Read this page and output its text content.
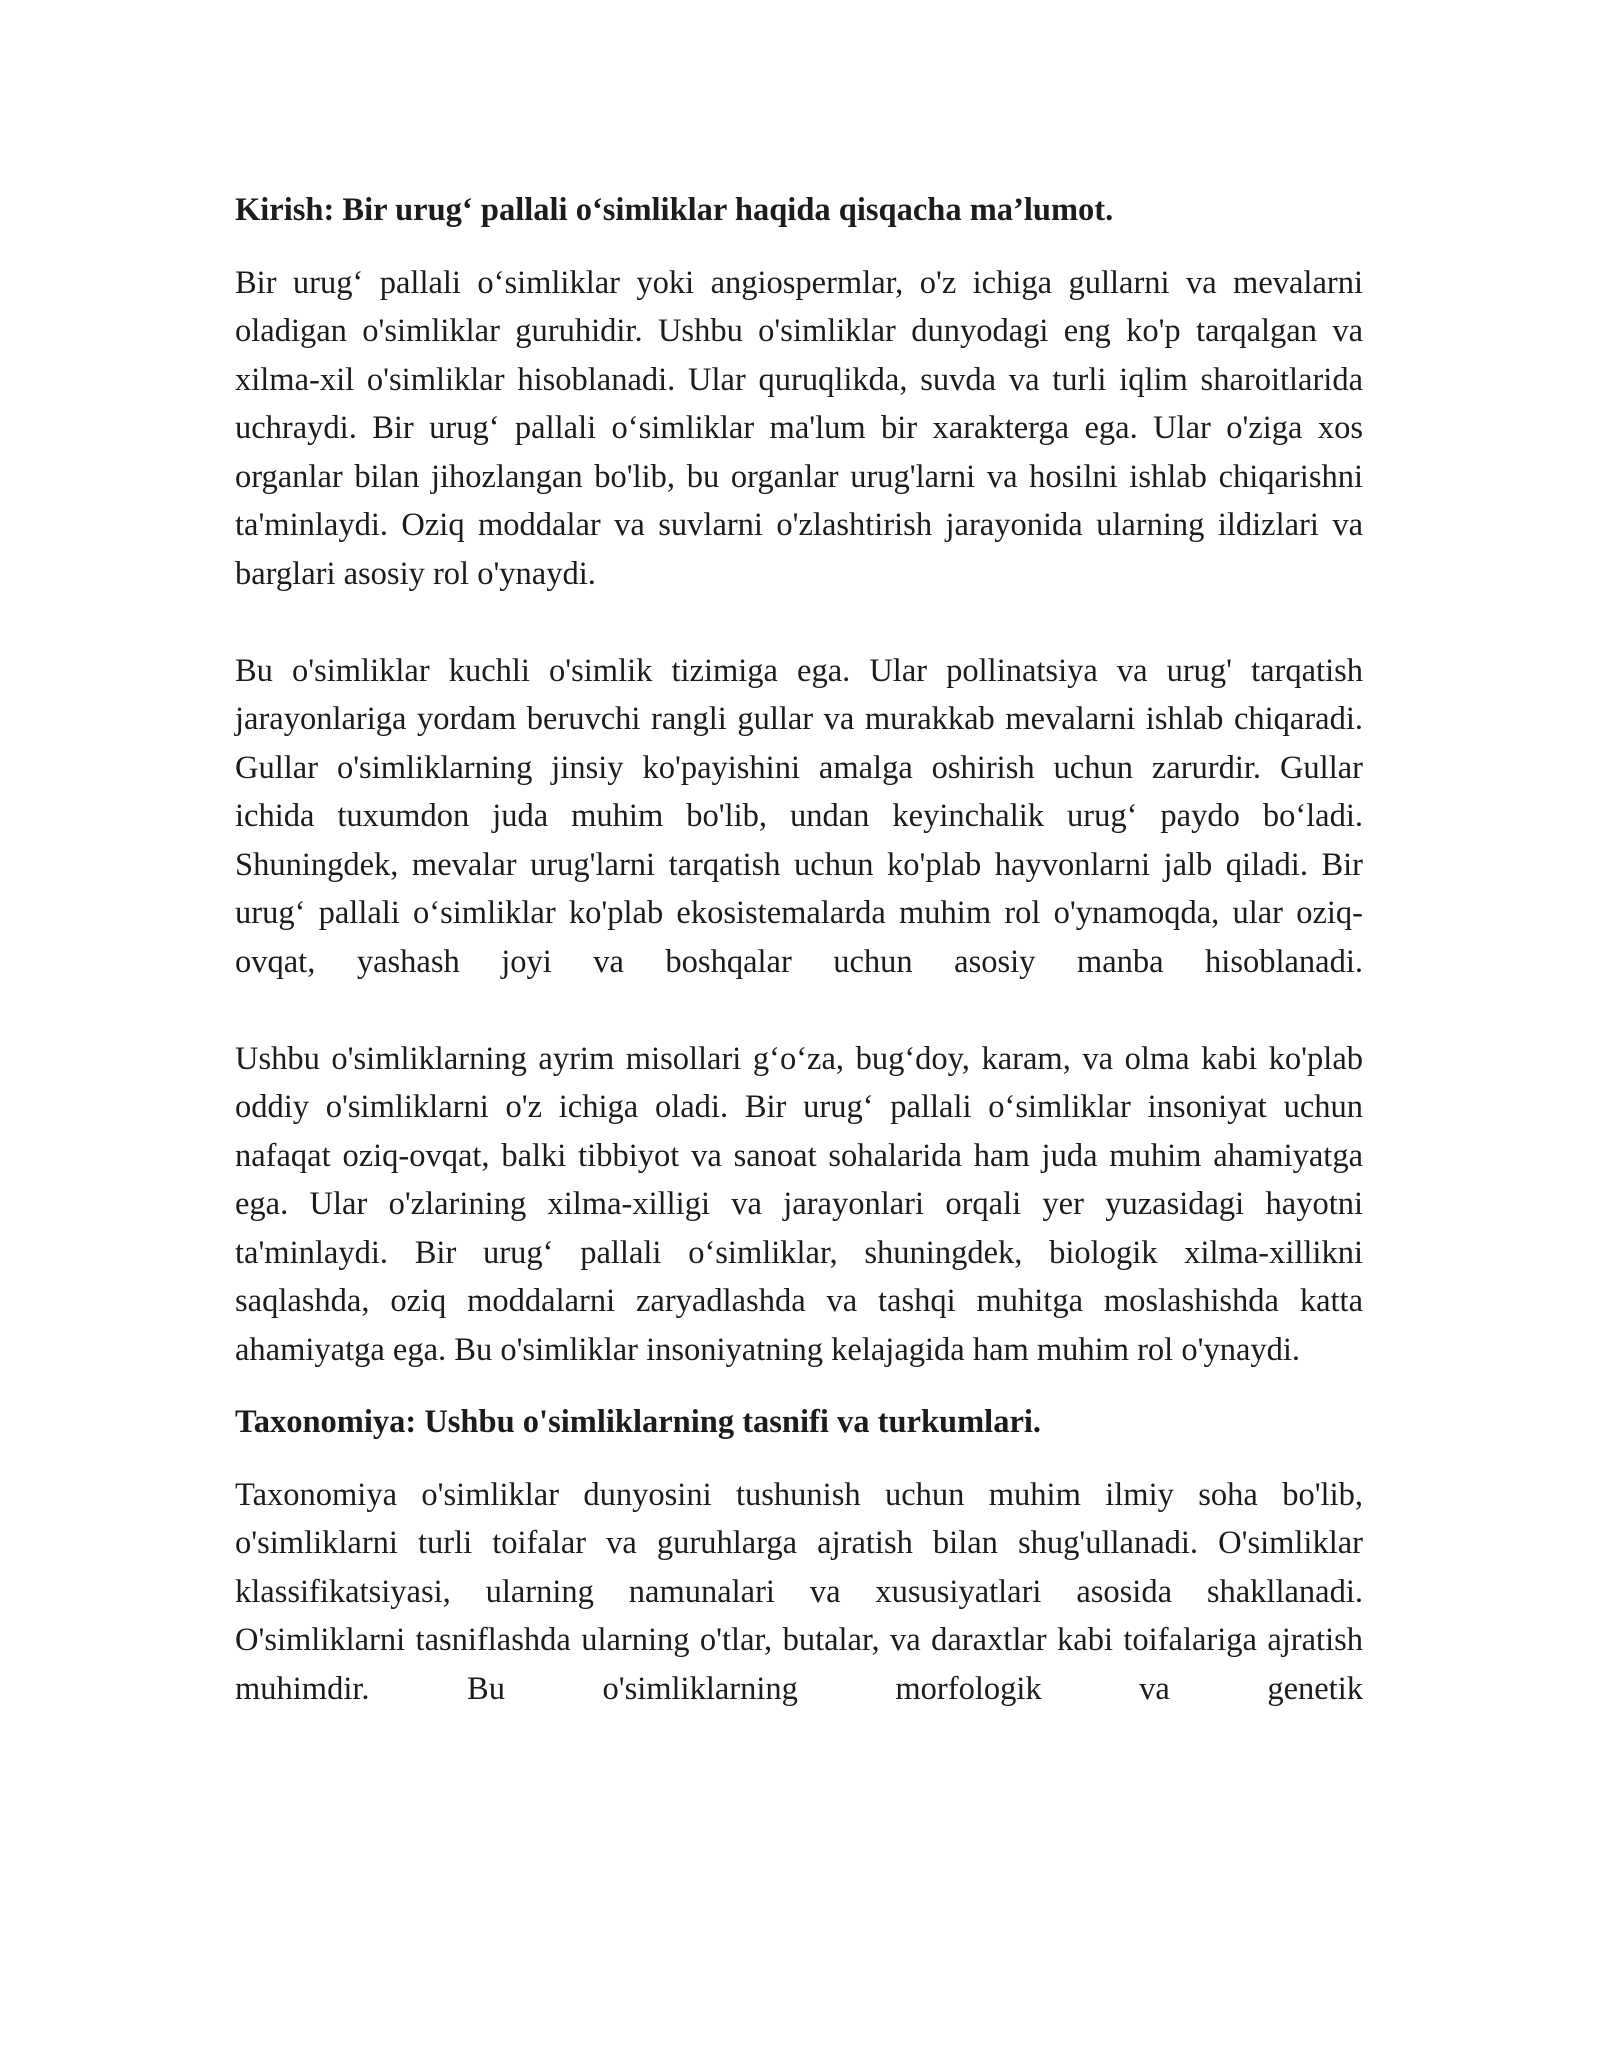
Kirish: Bir urug‘ pallali o‘simliklar haqida qisqacha ma’lumot.

Bir urug‘ pallali o‘simliklar yoki angiospermlar, o'z ichiga gullarni va mevalarni oladigan o'simliklar guruhidir. Ushbu o'simliklar dunyodagi eng ko'p tarqalgan va xilma-xil o'simliklar hisoblanadi. Ular quruqlikda, suvda va turli iqlim sharoitlarida uchraydi. Bir urug‘ pallali o‘simliklar ma'lum bir xarakterga ega. Ular o'ziga xos organlar bilan jihozlangan bo'lib, bu organlar urug'larni va hosilni ishlab chiqarishni ta'minlaydi. Oziq moddalar va suvlarni o'zlashtirish jarayonida ularning ildizlari va barglari asosiy rol o'ynaydi.

Bu o'simliklar kuchli o'simlik tizimiga ega. Ular pollinatsiya va urug' tarqatish jarayonlariga yordam beruvchi rangli gullar va murakkab mevalarni ishlab chiqaradi. Gullar o'simliklarning jinsiy ko'payishini amalga oshirish uchun zarurdir. Gullar ichida tuxumdon juda muhim bo'lib, undan keyinchalik urug‘ paydo bo‘ladi. Shuningdek, mevalar urug'larni tarqatish uchun ko'plab hayvonlarni jalb qiladi. Bir urug‘ pallali o‘simliklar ko'plab ekosistemalarda muhim rol o'ynamoqda, ular oziq-ovqat, yashash joyi va boshqalar uchun asosiy manba hisoblanadi.

Ushbu o'simliklarning ayrim misollari g‘o‘za, bug‘doy, karam, va olma kabi ko'plab oddiy o'simliklarni o'z ichiga oladi. Bir urug‘ pallali o‘simliklar insoniyat uchun nafaqat oziq-ovqat, balki tibbiyot va sanoat sohalarida ham juda muhim ahamiyatga ega. Ular o'zlarining xilma-xilligi va jarayonlari orqali yer yuzasidagi hayotni ta'minlaydi. Bir urug‘ pallali o‘simliklar, shuningdek, biologik xilma-xillikni saqlashda, oziq moddalarni zaryadlashda va tashqi muhitga moslashishda katta ahamiyatga ega. Bu o'simliklar insoniyatning kelajagida ham muhim rol o'ynaydi.

Taxonomiya: Ushbu o'simliklarning tasnifi va turkumlari.

Taxonomiya o'simliklar dunyosini tushunish uchun muhim ilmiy soha bo'lib, o'simliklarni turli toifalar va guruhlarga ajratish bilan shug'ullanadi. O'simliklar klassifikatsiyasi, ularning namunalari va xususiyatlari asosida shakllanadi. O'simliklarni tasniflashda ularning o'tlar, butalar, va daraxtlar kabi toifalariga ajratish muhimdir. Bu o'simliklarning morfologik va genetik
